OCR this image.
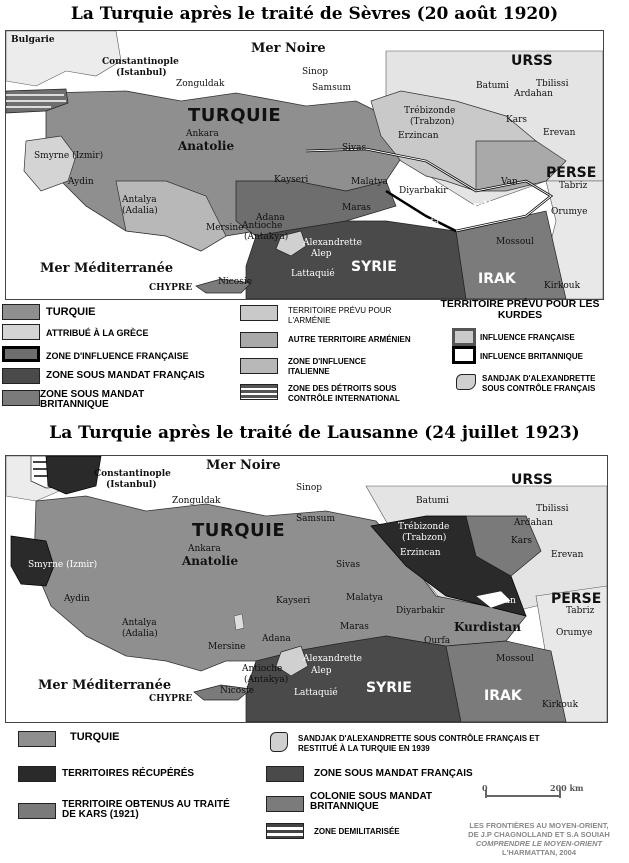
La Turquie après le traité de Sèvres (20 août 1920)
Bulgarie
Constantinople
(Istanbul)
Mer Noire
URSS
Zonguldak
Sinop
Samsum	Batumi
Ardahan
Tbilissi
Trébizonde
(Trabzon)	Kars
Erevan
Erzincan
TURQUIE
Ankara
Anatolie
Smyrne (Izmir)
Aydin
Sivas
Malatya
Diyarbakir
Kayseri	Van
PERSE
Tabriz
Orumye
Antalya
(Adalia)	Maras	Kurdistan
Adana	Ourfa
Mersine
Antioche
(Antakya)
Alexandrette
Alep
SYRIE
Mossoul
Mer Méditerranée	Lattaquié	IRAK	Kirkouk
CHYPRE
Nicosie
TURQUIE
ATTRIBUÉ À LA GRÈCE
ZONE D'INFLUENCE FRANÇAISE
ZONE SOUS MANDAT FRANÇAIS
ZONE SOUS MANDAT BRITANNIQUE
TERRITOIRE PRÉVU POUR L'ARMÉNIE
AUTRE TERRITOIRE ARMÉNIEN
ZONE D'INFLUENCE ITALIENNE
ZONE DES DÉTROITS SOUS CONTRÔLE INTERNATIONAL
TERRITOIRE PRÉVU POUR LES KURDES
INFLUENCE FRANÇAISE
INFLUENCE BRITANNIQUE
SANDJAK D'ALEXANDRETTE SOUS CONTRÔLE FRANÇAIS
La Turquie après le traité de Lausanne (24 juillet 1923)
Constantinople
(Istanbul)
Mer Noire
URSS
Zonguldak
Sinop
Samsum
Batumi
Ardahan
Tbilissi
Kars
Erevan
Trébizonde
(Trabzon)
Erzincan
TURQUIE
Ankara
Anatolie
Smyrne (Izmir)
Aydin
Sivas
Kayseri	Malatya
Diyarbakir
Van	PERSE
Tabriz
Orumye
Antalya
(Adalia)
Maras	Kurdistan
Mersine
Adana	Ourfa
Antioche
(Antakya)
Alexandrette
Alep
SYRIE
Mossoul
Mer Méditerranée	Lattaquié	IRAK
Kirkouk
CHYPRE
Nicosie
TURQUIE
TERRITOIRES RÉCUPÉRÉS
TERRITOIRE OBTENUS AU TRAITÉ DE KARS (1921)
SANDJAK D'ALEXANDRETTE SOUS CONTRÔLE FRANÇAIS ET RESTITUÉ À LA TURQUIE EN 1939
ZONE SOUS MANDAT FRANÇAIS
COLONIE SOUS MANDAT BRITANNIQUE
ZONE DEMILITARISÉE
0	200 km
LES FRONTIÈRES AU MOYEN-ORIENT,
DE J.P CHAGNOLLAND ET S.A SOUIAH
COMPRENDRE LE MOYEN-ORIENT
L'HARMATTAN, 2004
